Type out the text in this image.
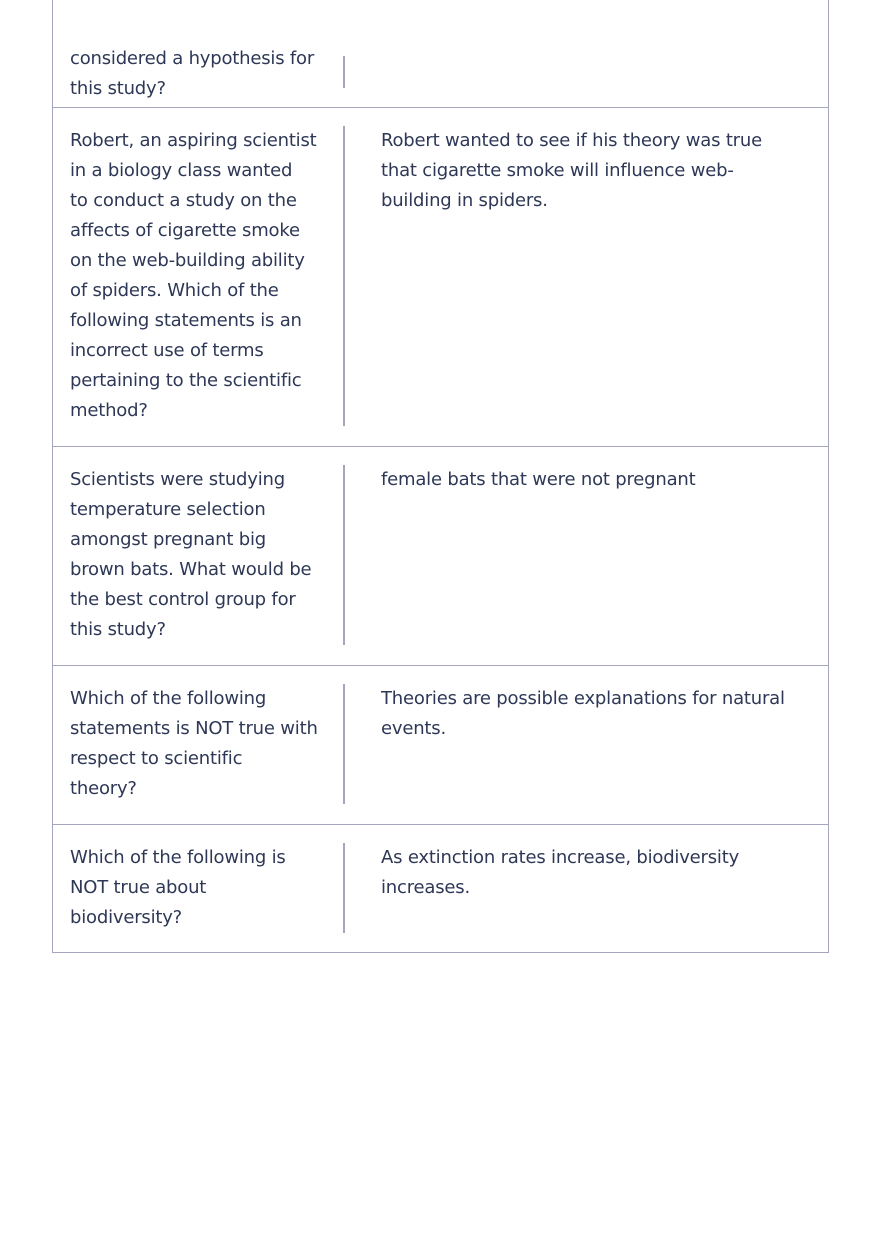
considered a hypothesis for
this study?
Robert, an aspiring scientist
in a biology class wanted
to conduct a study on the
affects of cigarette smoke
on the web-building ability
of spiders. Which of the
following statements is an
incorrect use of terms
pertaining to the scientific
method?
Robert wanted to see if his theory was true
that cigarette smoke will influence web-
building in spiders.
Scientists were studying
temperature selection
amongst pregnant big
brown bats. What would be
the best control group for
this study?
female bats that were not pregnant
Which of the following
statements is NOT true with
respect to scientific
theory?
Theories are possible explanations for natural
events.
Which of the following is
NOT true about
biodiversity?
As extinction rates increase, biodiversity
increases.
